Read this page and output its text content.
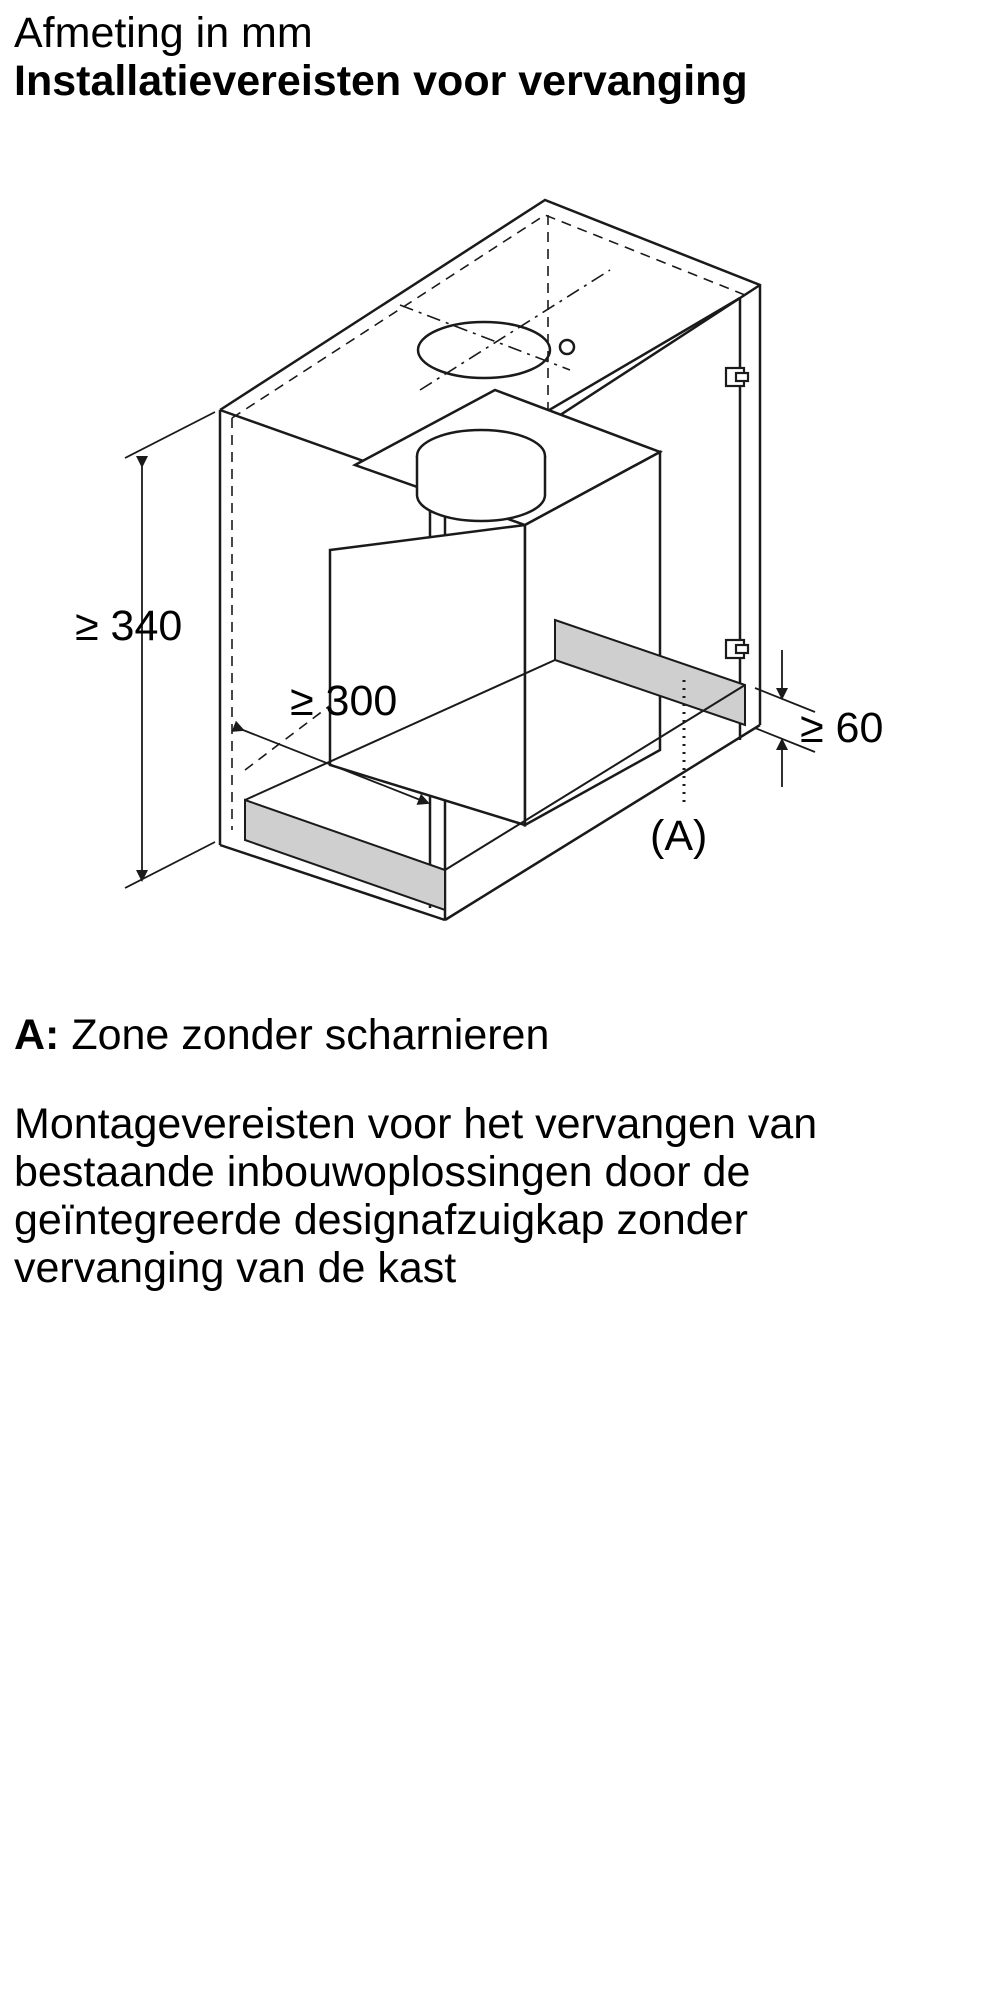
Afmeting in mm
Installatievereisten voor vervanging
≥ 340
≥ 300
≥ 60
(A)
A: Zone zonder scharnieren
Montagevereisten voor het vervangen van
bestaande inbouwoplossingen door de
geïntegreerde designafzuigkap zonder
vervanging van de kast
